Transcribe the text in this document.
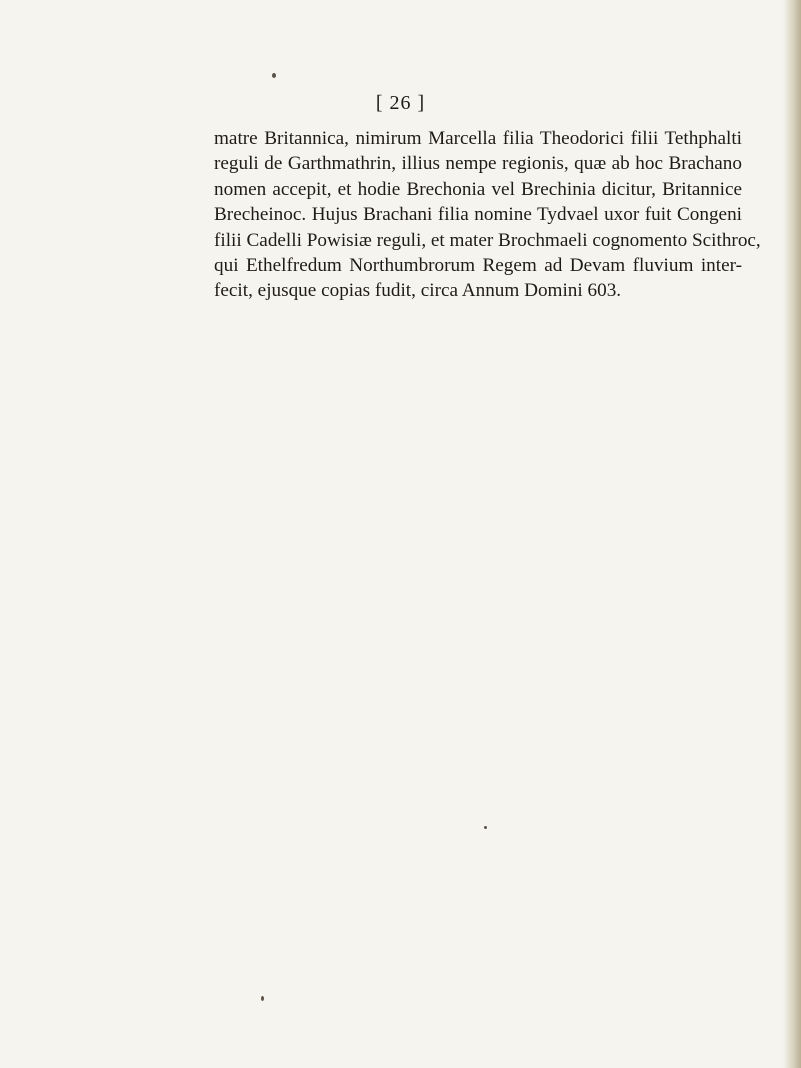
[ 26 ]
matre Britannica, nimirum Marcella filia Theodorici filii Tethphalti
reguli de Garthmathrin, illius nempe regionis, quæ ab hoc Brachano
nomen accepit, et hodie Brechonia vel Brechinia dicitur, Britannice
Brecheinoc. Hujus Brachani filia nomine Tydvael uxor fuit Congeni
filii Cadelli Powisiæ reguli, et mater Brochmaeli cognomento Scithroc,
qui Ethelfredum Northumbrorum Regem ad Devam fluvium inter-
fecit, ejusque copias fudit, circa Annum Domini 603.
